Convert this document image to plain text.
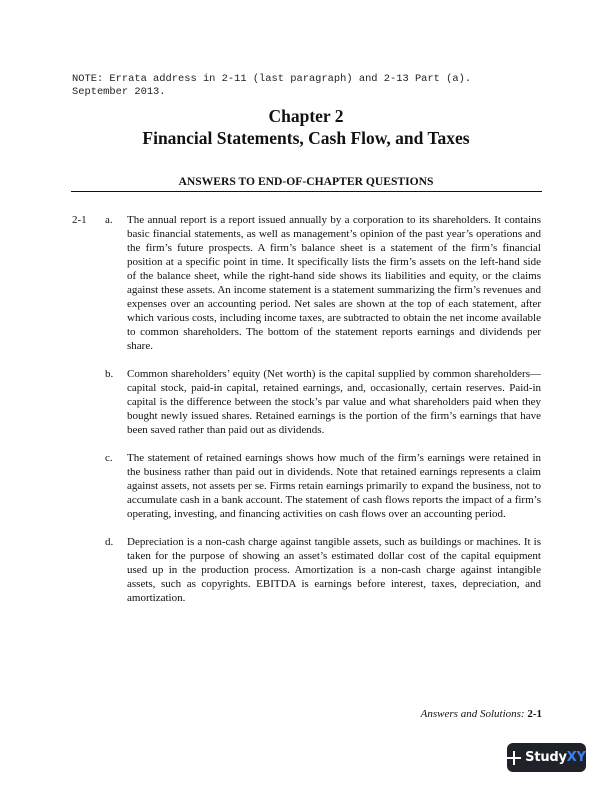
NOTE: Errata address in 2-11 (last paragraph) and 2-13 Part (a).
September 2013.
Chapter 2
Financial Statements, Cash Flow, and Taxes
ANSWERS TO END-OF-CHAPTER QUESTIONS
2-1 a.	The annual report is a report issued annually by a corporation to its shareholders. It contains basic financial statements, as well as management’s opinion of the past year’s operations and the firm’s future prospects. A firm’s balance sheet is a statement of the firm’s financial position at a specific point in time. It specifically lists the firm’s assets on the left-hand side of the balance sheet, while the right-hand side shows its liabilities and equity, or the claims against these assets. An income statement is a statement summarizing the firm’s revenues and expenses over an accounting period. Net sales are shown at the top of each statement, after which various costs, including income taxes, are subtracted to obtain the net income available to common shareholders. The bottom of the statement reports earnings and dividends per share.
b.	Common shareholders’ equity (Net worth) is the capital supplied by common shareholders—capital stock, paid-in capital, retained earnings, and, occasionally, certain reserves. Paid-in capital is the difference between the stock’s par value and what shareholders paid when they bought newly issued shares. Retained earnings is the portion of the firm’s earnings that have been saved rather than paid out as dividends.
c.	The statement of retained earnings shows how much of the firm’s earnings were retained in the business rather than paid out in dividends. Note that retained earnings represents a claim against assets, not assets per se. Firms retain earnings primarily to expand the business, not to accumulate cash in a bank account. The statement of cash flows reports the impact of a firm’s operating, investing, and financing activities on cash flows over an accounting period.
d.	Depreciation is a non-cash charge against tangible assets, such as buildings or machines. It is taken for the purpose of showing an asset’s estimated dollar cost of the capital equipment used up in the production process. Amortization is a non-cash charge against intangible assets, such as copyrights. EBITDA is earnings before interest, taxes, depreciation, and amortization.
Answers and Solutions: 2-1
StudyXY
